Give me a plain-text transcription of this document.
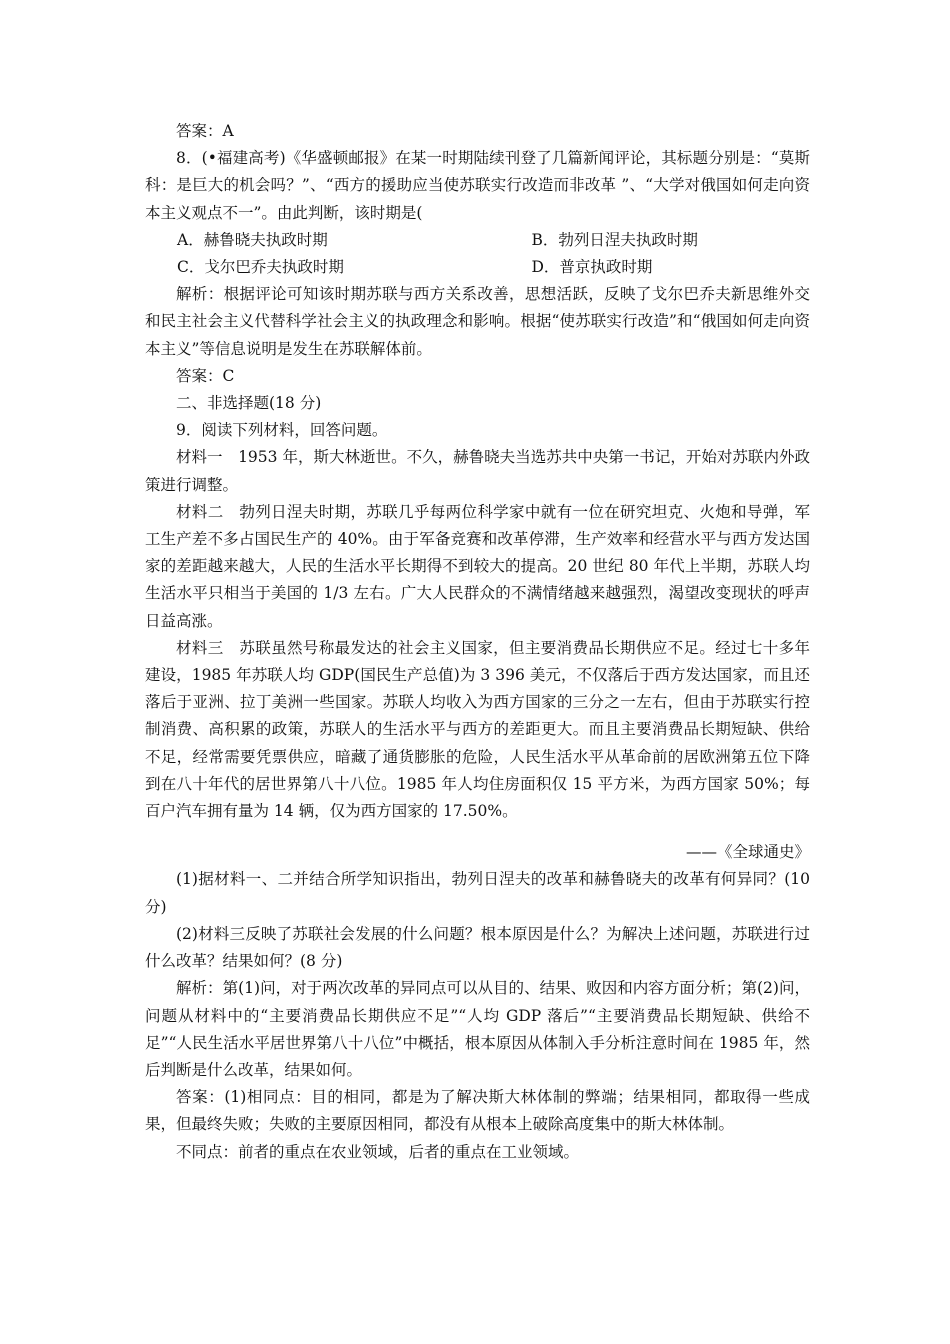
答案：A

8．(•福建高考)《华盛顿邮报》在某一时期陆续刊登了几篇新闻评论，其标题分别是：“莫斯科：是巨大的机会吗？”、“西方的援助应当使苏联实行改造而非改革 ”、“大学对俄国如何走向资本主义观点不一”。由此判断，该时期是(

A．赫鲁晓夫执政时期	B．勃列日涅夫执政时期
C．戈尔巴乔夫执政时期	D．普京执政时期

解析：根据评论可知该时期苏联与西方关系改善，思想活跃，反映了戈尔巴乔夫新思维外交和民主社会主义代替科学社会主义的执政理念和影响。根据“使苏联实行改造”和“俄国如何走向资本主义”等信息说明是发生在苏联解体前。

答案：C

二、非选择题(18 分)

9．阅读下列材料，回答问题。

材料一　1953 年，斯大林逝世。不久，赫鲁晓夫当选苏共中央第一书记，开始对苏联内外政策进行调整。

材料二　勃列日涅夫时期，苏联几乎每两位科学家中就有一位在研究坦克、火炮和导弹，军工生产差不多占国民生产的 40%。由于军备竞赛和改革停滞，生产效率和经营水平与西方发达国家的差距越来越大，人民的生活水平长期得不到较大的提高。20 世纪 80 年代上半期，苏联人均生活水平只相当于美国的 1/3 左右。广大人民群众的不满情绪越来越强烈，渴望改变现状的呼声日益高涨。

材料三　苏联虽然号称最发达的社会主义国家，但主要消费品长期供应不足。经过七十多年建设，1985 年苏联人均 GDP(国民生产总值)为 3 396 美元，不仅落后于西方发达国家，而且还落后于亚洲、拉丁美洲一些国家。苏联人均收入为西方国家的三分之一左右，但由于苏联实行控制消费、高积累的政策，苏联人的生活水平与西方的差距更大。而且主要消费品长期短缺、供给不足，经常需要凭票供应，暗藏了通货膨胀的危险，人民生活水平从革命前的居欧洲第五位下降到在八十年代的居世界第八十八位。1985 年人均住房面积仅 15 平方米，为西方国家 50%；每百户汽车拥有量为 14 辆，仅为西方国家的 17.50%。

——《全球通史》

(1)据材料一、二并结合所学知识指出，勃列日涅夫的改革和赫鲁晓夫的改革有何异同？(10 分)

(2)材料三反映了苏联社会发展的什么问题？根本原因是什么？为解决上述问题，苏联进行过什么改革？结果如何？(8 分)

解析：第(1)问，对于两次改革的异同点可以从目的、结果、败因和内容方面分析；第(2)问，问题从材料中的“主要消费品长期供应不足”“人均 GDP 落后”“主要消费品长期短缺、供给不足”“人民生活水平居世界第八十八位”中概括，根本原因从体制入手分析注意时间在 1985 年，然后判断是什么改革，结果如何。

答案：(1)相同点：目的相同，都是为了解决斯大林体制的弊端；结果相同，都取得一些成果，但最终失败；失败的主要原因相同，都没有从根本上破除高度集中的斯大林体制。

不同点：前者的重点在农业领域，后者的重点在工业领域。
